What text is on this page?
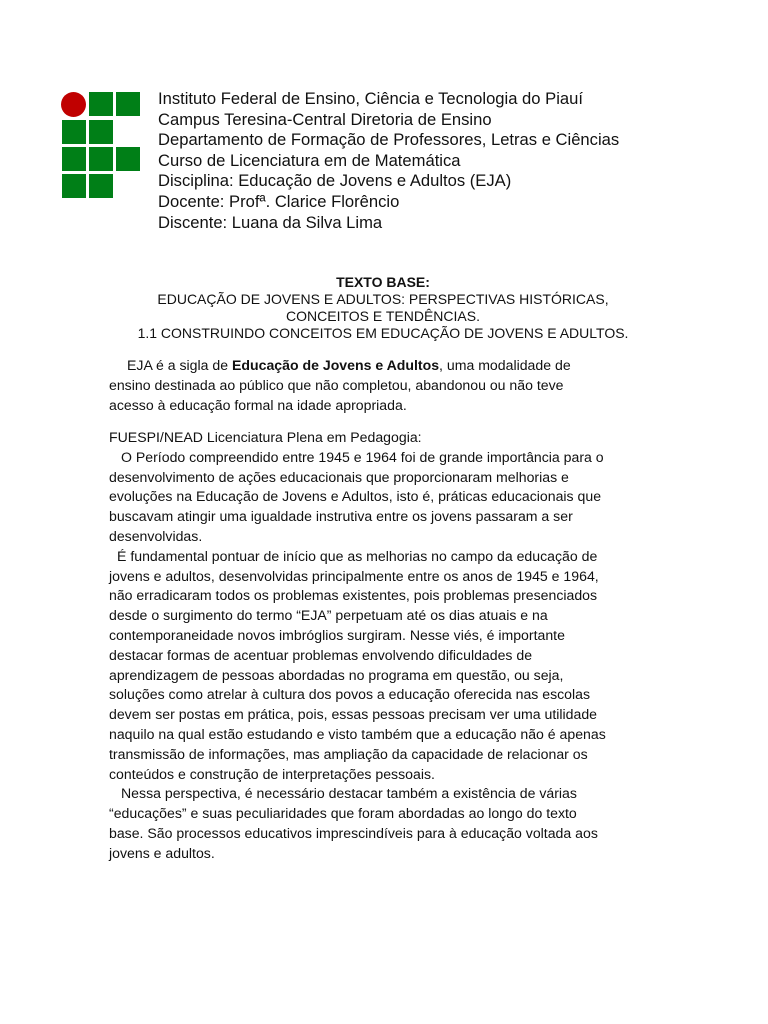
Instituto Federal de Ensino, Ciência e Tecnologia do Piauí
Campus Teresina-Central Diretoria de Ensino
Departamento de Formação de Professores, Letras e Ciências
Curso de Licenciatura em de Matemática
Disciplina: Educação de Jovens e Adultos (EJA)
Docente: Profª. Clarice Florêncio
Discente: Luana da Silva Lima
TEXTO BASE:
EDUCAÇÃO DE JOVENS E ADULTOS: PERSPECTIVAS HISTÓRICAS,
CONCEITOS E TENDÊNCIAS.
1.1 CONSTRUINDO CONCEITOS EM EDUCAÇÃO DE JOVENS E ADULTOS.
EJA é a sigla de Educação de Jovens e Adultos, uma modalidade de
ensino destinada ao público que não completou, abandonou ou não teve
acesso à educação formal na idade apropriada.
FUESPI/NEAD Licenciatura Plena em Pedagogia:
O Período compreendido entre 1945 e 1964 foi de grande importância para o
desenvolvimento de ações educacionais que proporcionaram melhorias e
evoluções na Educação de Jovens e Adultos, isto é, práticas educacionais que
buscavam atingir uma igualdade instrutiva entre os jovens passaram a ser
desenvolvidas.
É fundamental pontuar de início que as melhorias no campo da educação de
jovens e adultos, desenvolvidas principalmente entre os anos de 1945 e 1964,
não erradicaram todos os problemas existentes, pois problemas presenciados
desde o surgimento do termo “EJA” perpetuam até os dias atuais e na
contemporaneidade novos imbróglios surgiram. Nesse viés, é importante
destacar formas de acentuar problemas envolvendo dificuldades de
aprendizagem de pessoas abordadas no programa em questão, ou seja,
soluções como atrelar à cultura dos povos a educação oferecida nas escolas
devem ser postas em prática, pois, essas pessoas precisam ver uma utilidade
naquilo na qual estão estudando e visto também que a educação não é apenas
transmissão de informações, mas ampliação da capacidade de relacionar os
conteúdos e construção de interpretações pessoais.
Nessa perspectiva, é necessário destacar também a existência de várias
“educações” e suas peculiaridades que foram abordadas ao longo do texto
base. São processos educativos imprescindíveis para à educação voltada aos
jovens e adultos.
